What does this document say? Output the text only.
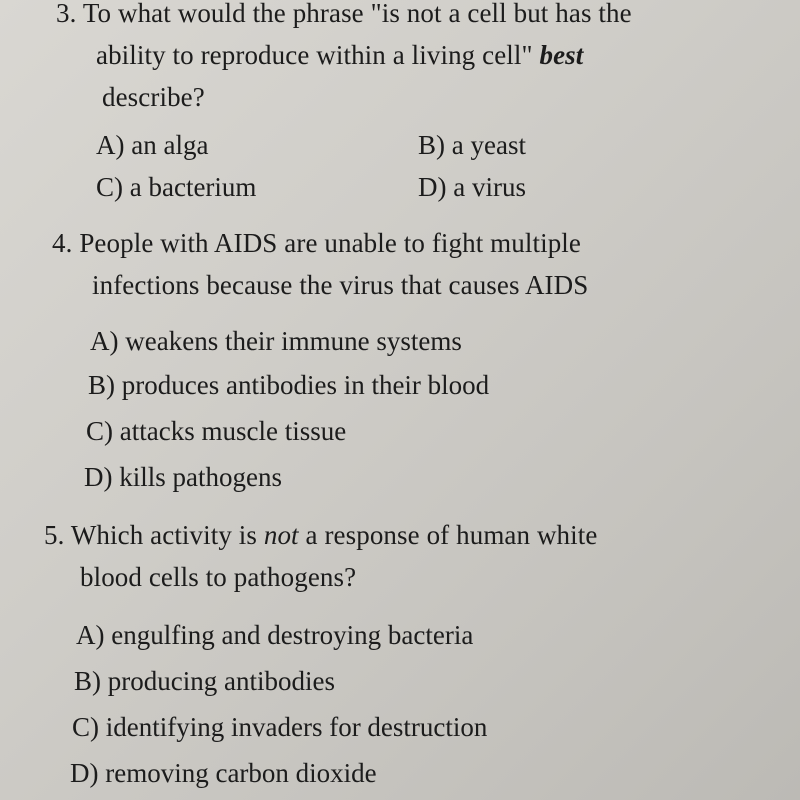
3. To what would the phrase "is not a cell but has the
ability to reproduce within a living cell" best
describe?
A) an alga	B) a yeast
C) a bacterium	D) a virus
4. People with AIDS are unable to fight multiple
infections because the virus that causes AIDS
A) weakens their immune systems
B) produces antibodies in their blood
C) attacks muscle tissue
D) kills pathogens
5. Which activity is not a response of human white
blood cells to pathogens?
A) engulfing and destroying bacteria
B) producing antibodies
C) identifying invaders for destruction
D) removing carbon dioxide
